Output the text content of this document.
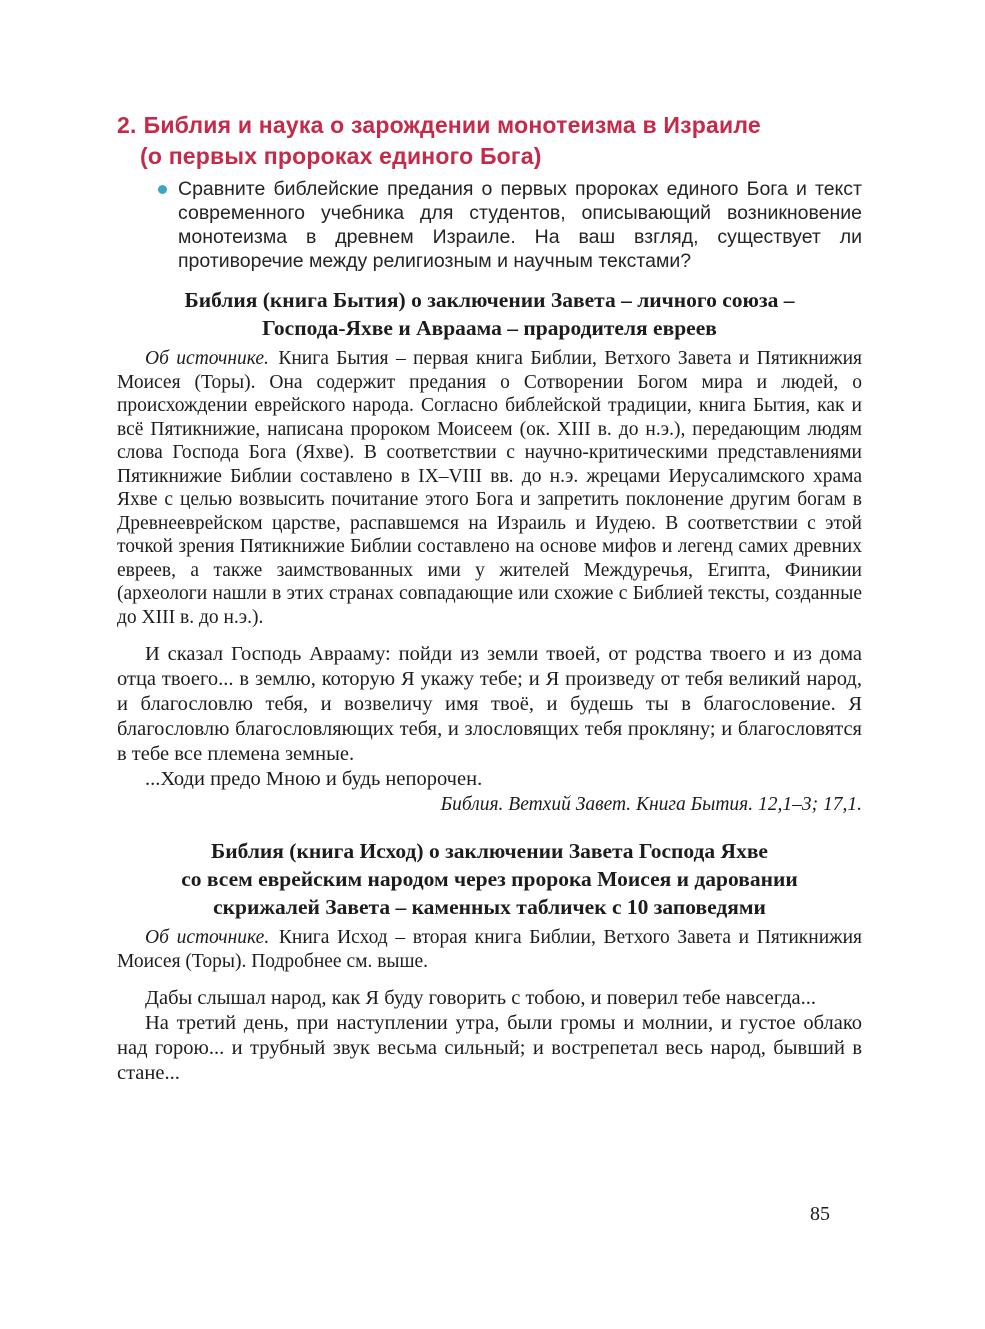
2. Библия и наука о зарождении монотеизма в Израиле
(о первых пророках единого Бога)
Сравните библейские предания о первых пророках единого Бога и текст современного учебника для студентов, описывающий возникновение монотеизма в древнем Израиле. На ваш взгляд, существует ли противоречие между религиозным и научным текстами?
Библия (книга Бытия) о заключении Завета – личного союза –
Господа-Яхве и Авраама – прародителя евреев
Об источнике. Книга Бытия – первая книга Библии, Ветхого Завета и Пятикнижия Моисея (Торы). Она содержит предания о Сотворении Богом мира и людей, о происхождении еврейского народа. Согласно библейской традиции, книга Бытия, как и всё Пятикнижие, написана пророком Моисеем (ок. XIII в. до н.э.), передающим людям слова Господа Бога (Яхве). В соответствии с научно-критическими представлениями Пятикнижие Библии составлено в IX–VIII вв. до н.э. жрецами Иерусалимского храма Яхве с целью возвысить почитание этого Бога и запретить поклонение другим богам в Древнееврейском царстве, распавшемся на Израиль и Иудею. В соответствии с этой точкой зрения Пятикнижие Библии составлено на основе мифов и легенд самих древних евреев, а также заимствованных ими у жителей Междуречья, Египта, Финикии (археологи нашли в этих странах совпадающие или схожие с Библией тексты, созданные до XIII в. до н.э.).
И сказал Господь Аврааму: пойди из земли твоей, от родства твоего и из дома отца твоего... в землю, которую Я укажу тебе; и Я произведу от тебя великий народ, и благословлю тебя, и возвеличу имя твоё, и будешь ты в благословение. Я благословлю благословляющих тебя, и злословящих тебя прокляну; и благословятся в тебе все племена земные.
...Ходи предо Мною и будь непорочен.
Библия. Ветхий Завет. Книга Бытия. 12,1–3; 17,1.
Библия (книга Исход) о заключении Завета Господа Яхве
со всем еврейским народом через пророка Моисея и даровании
скрижалей Завета – каменных табличек с 10 заповедями
Об источнике. Книга Исход – вторая книга Библии, Ветхого Завета и Пятикнижия Моисея (Торы). Подробнее см. выше.
Дабы слышал народ, как Я буду говорить с тобою, и поверил тебе навсегда...
На третий день, при наступлении утра, были громы и молнии, и густое облако над горою... и трубный звук весьма сильный; и вострепетал весь народ, бывший в стане...
85
